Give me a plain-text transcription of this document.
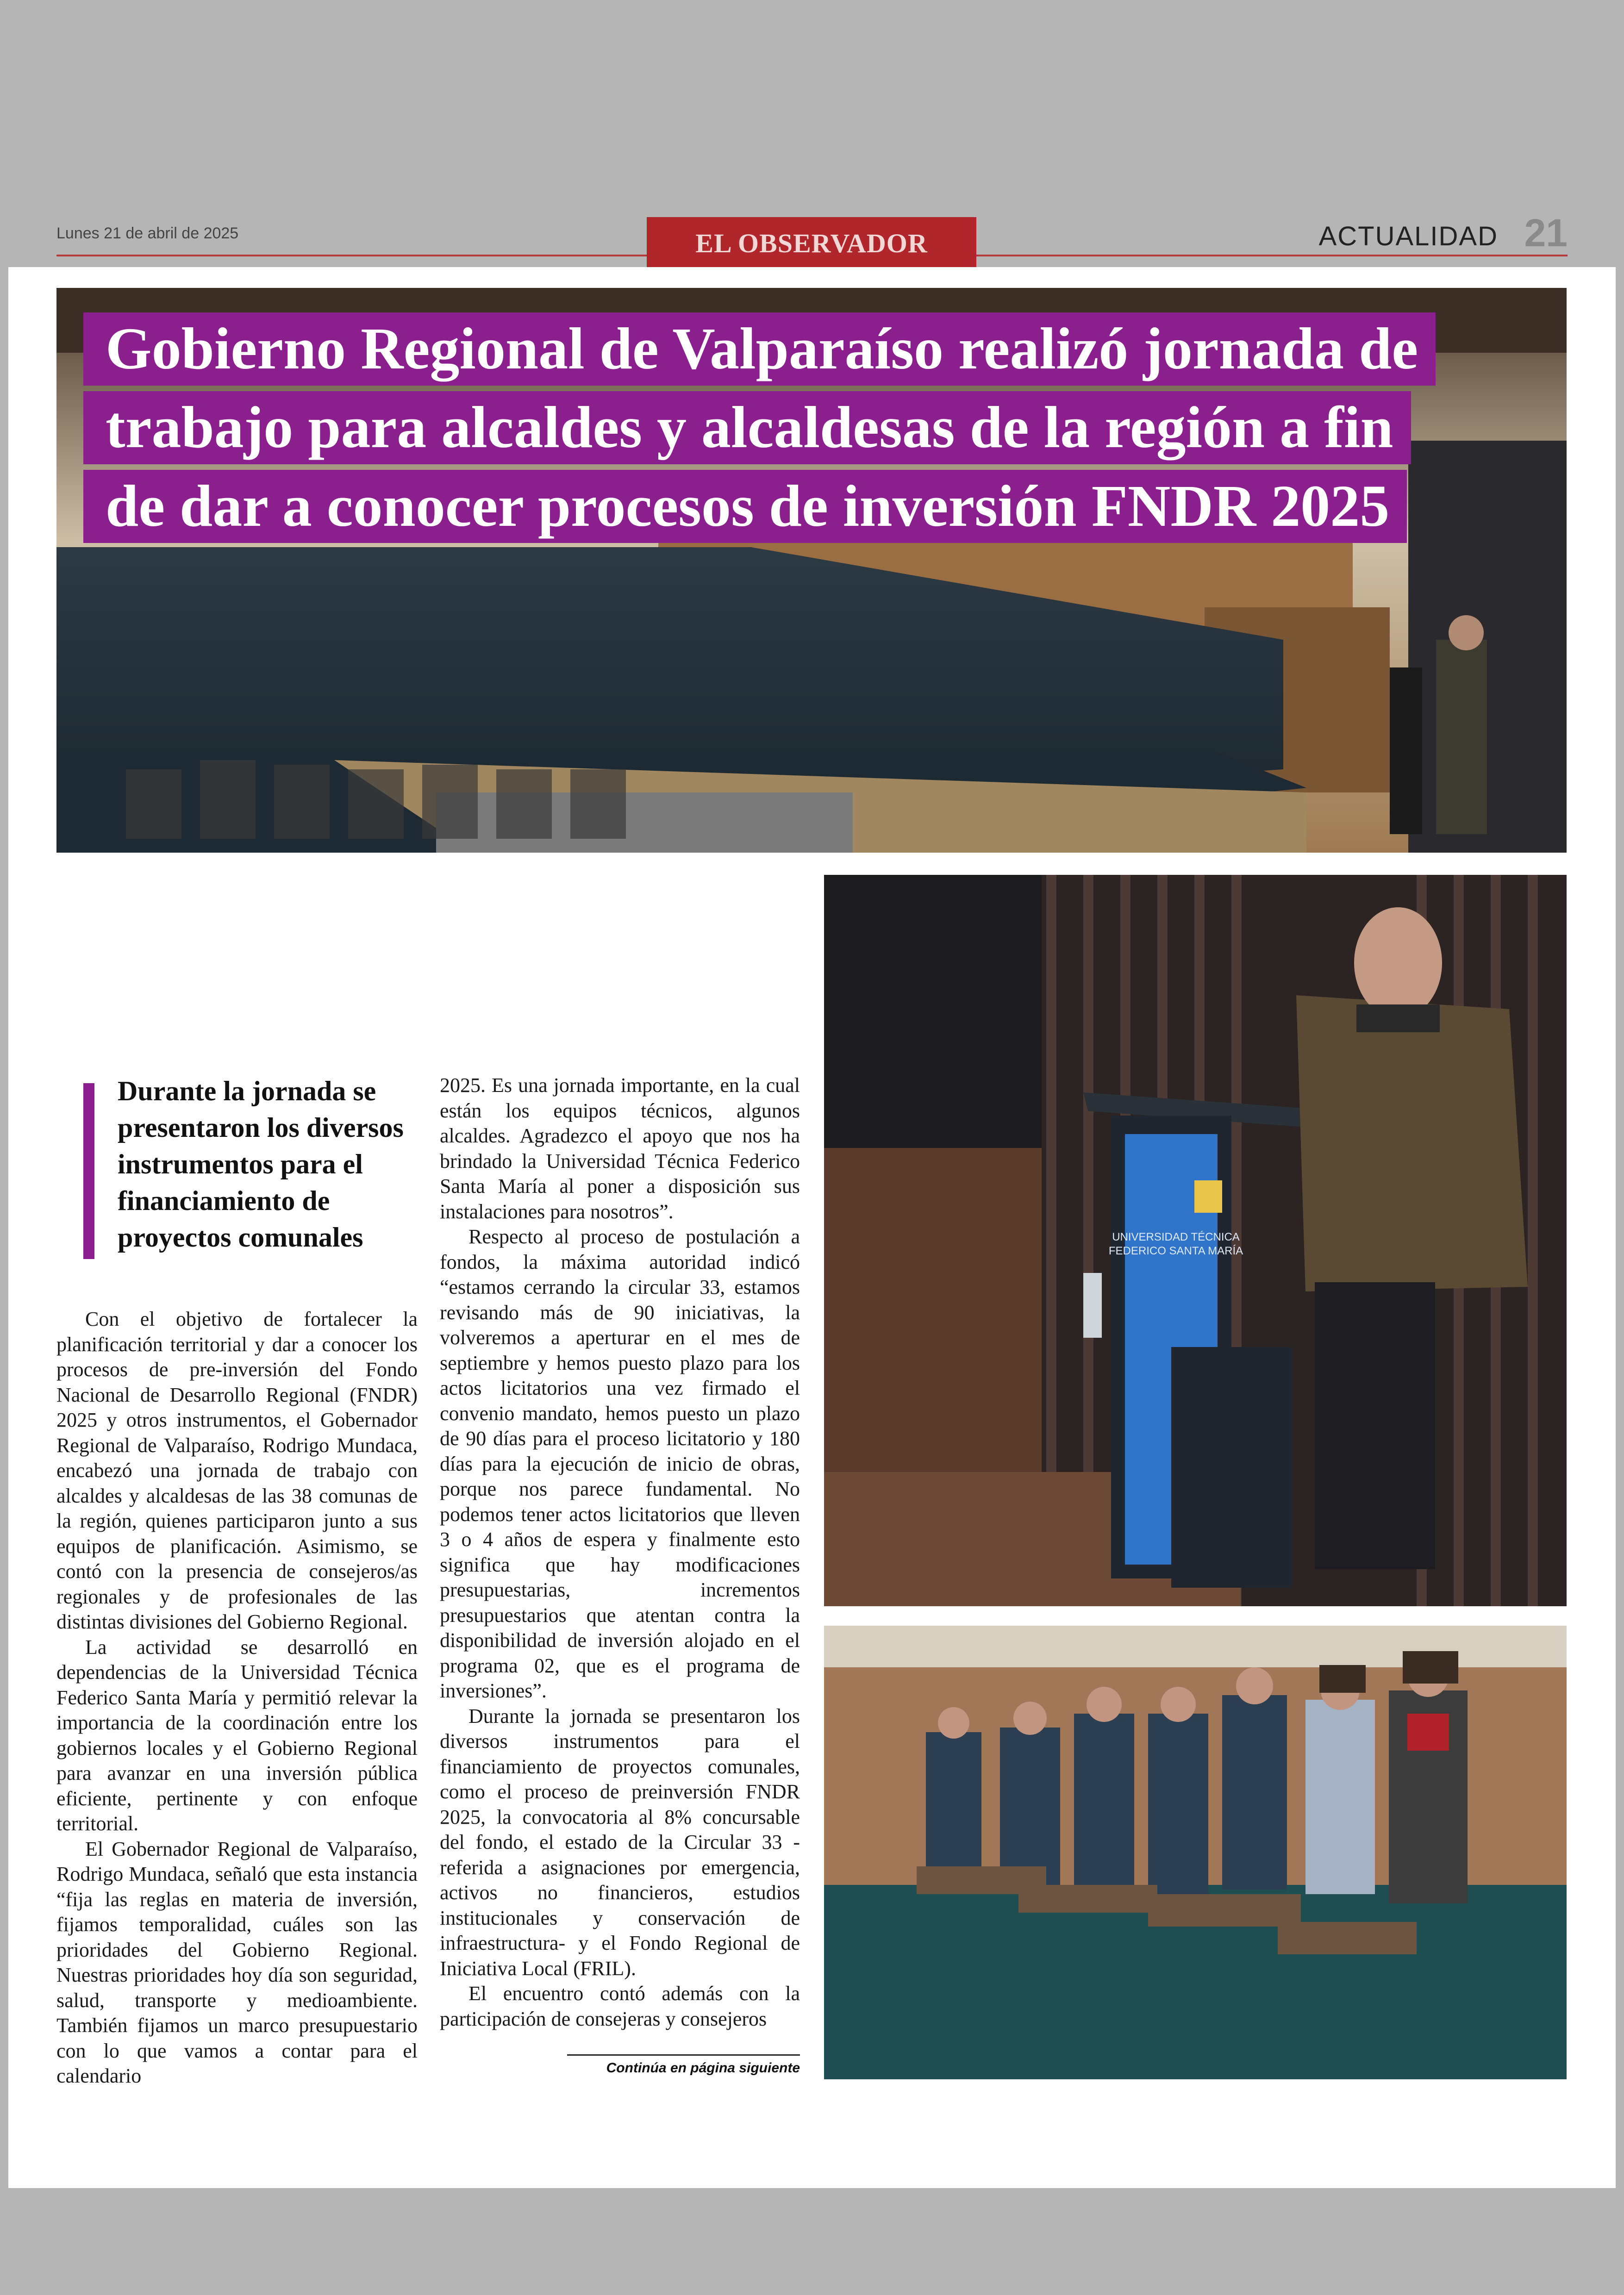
Lunes 21 de abril de 2025	EL OBSERVADOR	ACTUALIDAD 21
Gobierno Regional de Valparaíso realizó jornada de
trabajo para alcaldes y alcaldesas de la región a fin
de dar a conocer procesos de inversión FNDR 2025
UNIVERSIDAD TÉCNICA
FEDERICO SANTA MARÍA
Durante la jornada se presentaron los diversos instrumentos para el financiamiento de proyectos comunales

Con el objetivo de fortalecer la planificación territorial y dar a conocer los procesos de pre-inversión del Fondo Nacional de Desarrollo Regional (FNDR) 2025 y otros instrumentos, el Gobernador Regional de Valparaíso, Rodrigo Mundaca, encabezó una jornada de trabajo con alcaldes y alcaldesas de las 38 comunas de la región, quienes participaron junto a sus equipos de planificación. Asimismo, se contó con la presencia de consejeros/as regionales y de profesionales de las distintas divisiones del Gobierno Regional.

La actividad se desarrolló en dependencias de la Universidad Técnica Federico Santa María y permitió relevar la importancia de la coordinación entre los gobiernos locales y el Gobierno Regional para avanzar en una inversión pública eficiente, pertinente y con enfoque territorial.

El Gobernador Regional de Valparaíso, Rodrigo Mundaca, señaló que esta instancia “fija las reglas en materia de inversión, fijamos temporalidad, cuáles son las prioridades del Gobierno Regional. Nuestras prioridades hoy día son seguridad, salud, transporte y medioambiente. También fijamos un marco presupuestario con lo que vamos a contar para el calendario

2025. Es una jornada importante, en la cual están los equipos técnicos, algunos alcaldes. Agradezco el apoyo que nos ha brindado la Universidad Técnica Federico Santa María al poner a disposición sus instalaciones para nosotros”.

Respecto al proceso de postulación a fondos, la máxima autoridad indicó “estamos cerrando la circular 33, estamos revisando más de 90 iniciativas, la volveremos a aperturar en el mes de septiembre y hemos puesto plazo para los actos licitatorios una vez firmado el convenio mandato, hemos puesto un plazo de 90 días para el proceso licitatorio y 180 días para la ejecución de inicio de obras, porque nos parece fundamental. No podemos tener actos licitatorios que lleven 3 o 4 años de espera y finalmente esto significa que hay modificaciones presupuestarias, incrementos presupuestarios que atentan contra la disponibilidad de inversión alojado en el programa 02, que es el programa de inversiones”.

Durante la jornada se presentaron los diversos instrumentos para el financiamiento de proyectos comunales, como el proceso de preinversión FNDR 2025, la convocatoria al 8% concursable del fondo, el estado de la Circular 33 -referida a asignaciones por emergencia, activos no financieros, estudios institucionales y conservación de infraestructura- y el Fondo Regional de Iniciativa Local (FRIL).

El encuentro contó además con la participación de consejeras y consejeros

Continúa en página siguiente
